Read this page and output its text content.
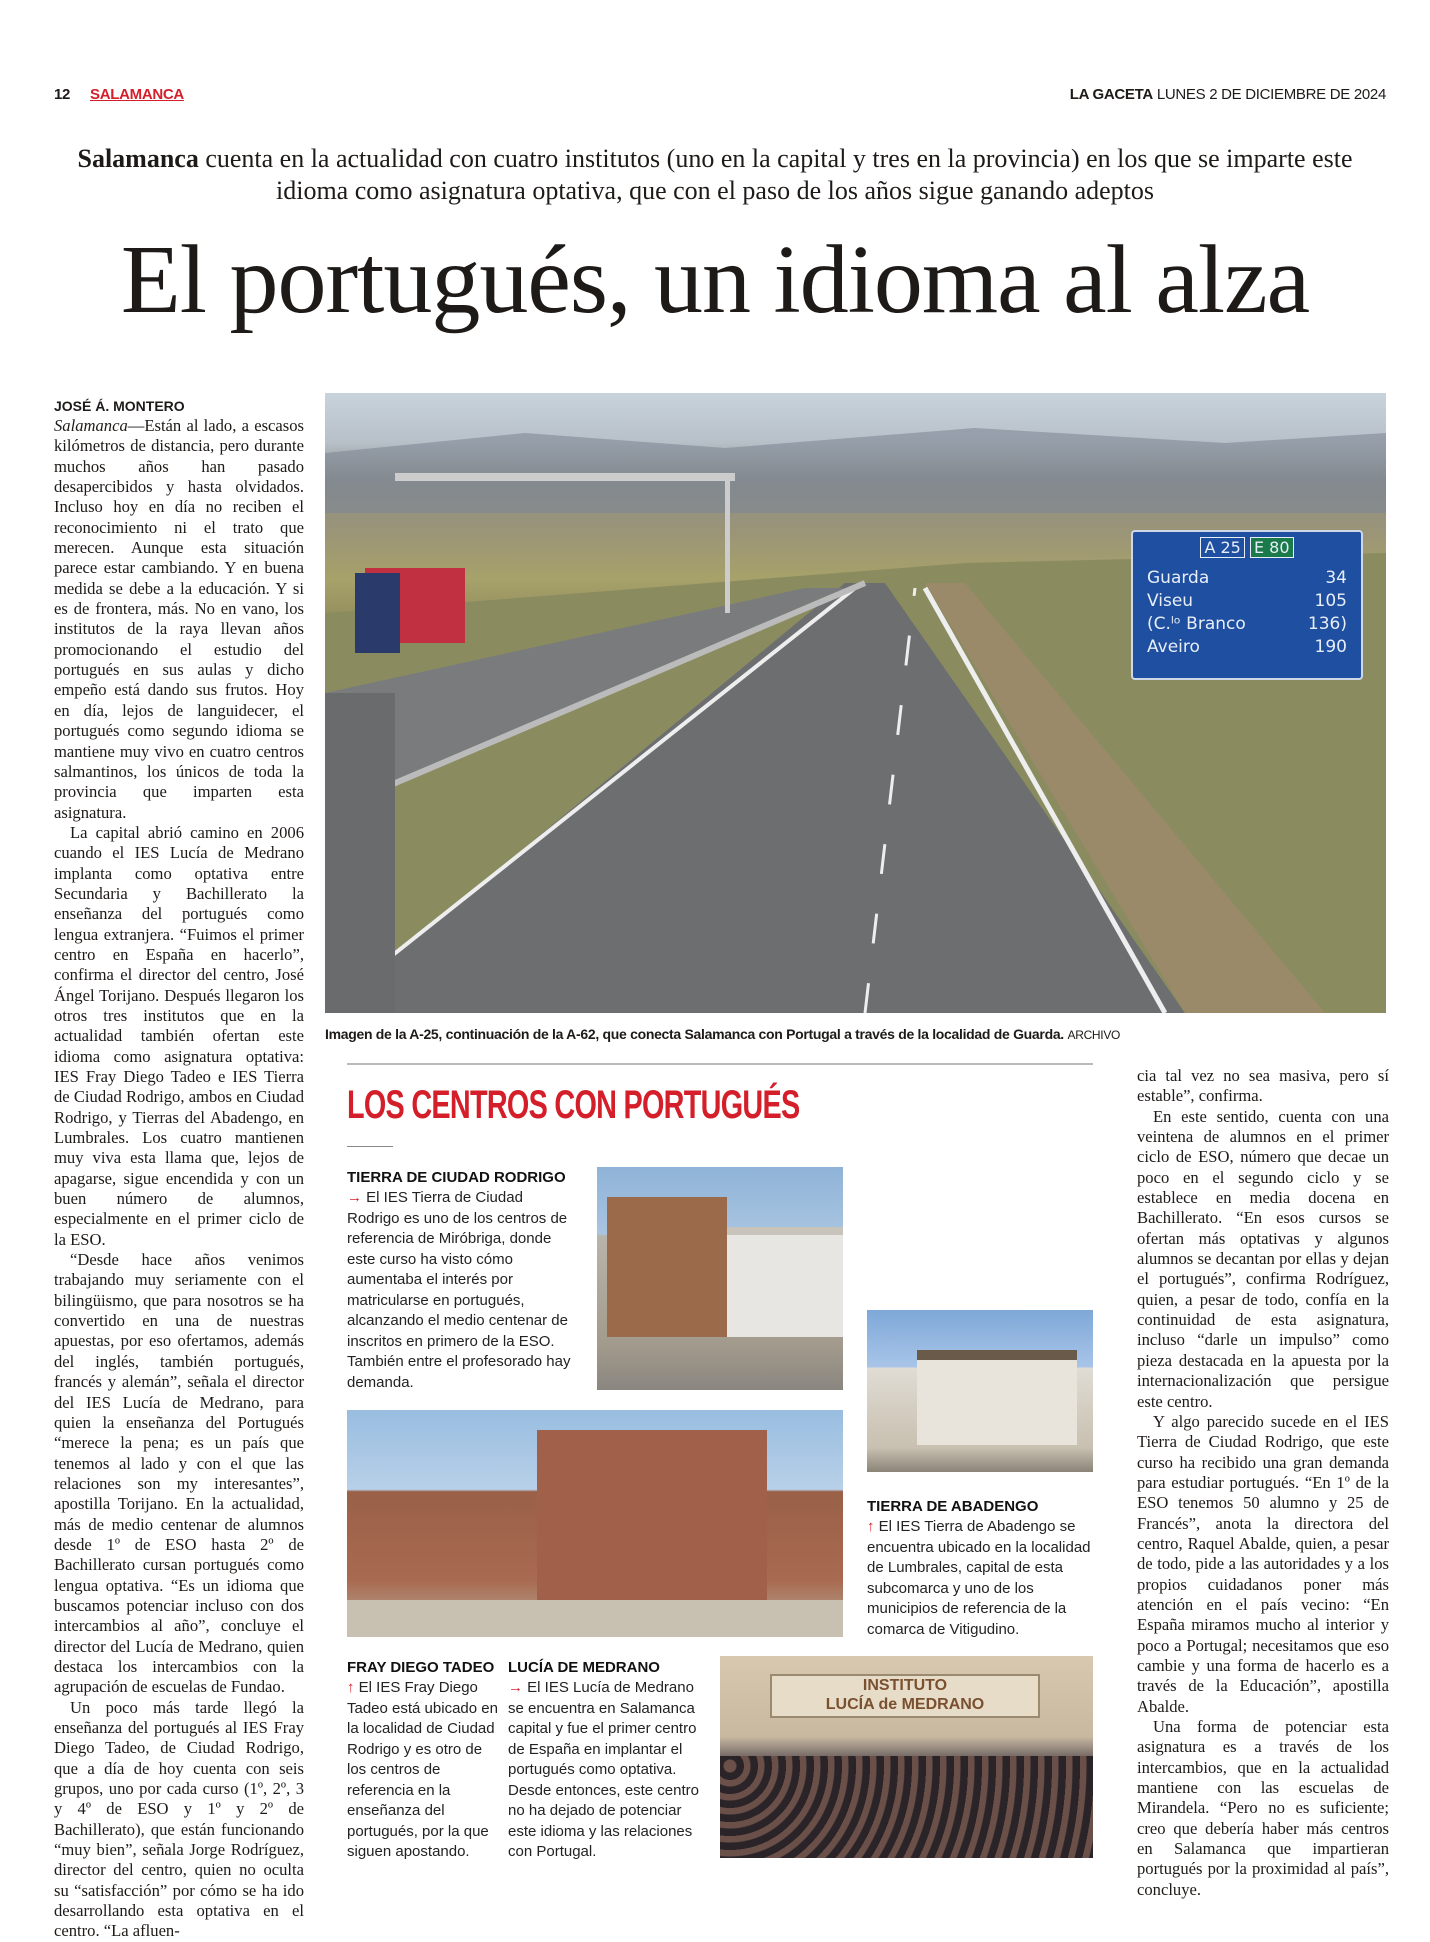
12 SALAMANCA	LA GACETA LUNES 2 DE DICIEMBRE DE 2024
Salamanca cuenta en la actualidad con cuatro institutos (uno en la capital y tres en la provincia) en los que se imparte este idioma como asignatura optativa, que con el paso de los años sigue ganando adeptos
El portugués, un idioma al alza
JOSÉ Á. MONTERO

Salamanca—Están al lado, a escasos kilómetros de distancia, pero durante muchos años han pasado desapercibidos y hasta olvidados. Incluso hoy en día no reciben el reconocimiento ni el trato que merecen. Aunque esta situación parece estar cambiando. Y en buena medida se debe a la educación. Y si es de frontera, más. No en vano, los institutos de la raya llevan años promocionando el estudio del portugués en sus aulas y dicho empeño está dando sus frutos. Hoy en día, lejos de languidecer, el portugués como segundo idioma se mantiene muy vivo en cuatro centros salmantinos, los únicos de toda la provincia que imparten esta asignatura.

La capital abrió camino en 2006 cuando el IES Lucía de Medrano implanta como optativa entre Secundaria y Bachillerato la enseñanza del portugués como lengua extranjera. “Fuimos el primer centro en España en hacerlo”, confirma el director del centro, José Ángel Torijano. Después llegaron los otros tres institutos que en la actualidad también ofertan este idioma como asignatura optativa: IES Fray Diego Tadeo e IES Tierra de Ciudad Rodrigo, ambos en Ciudad Rodrigo, y Tierras del Abadengo, en Lumbrales. Los cuatro mantienen muy viva esta llama que, lejos de apagarse, sigue encendida y con un buen número de alumnos, especialmente en el primer ciclo de la ESO.

“Desde hace años venimos trabajando muy seriamente con el bilingüismo, que para nosotros se ha convertido en una de nuestras apuestas, por eso ofertamos, además del inglés, también portugués, francés y alemán”, señala el director del IES Lucía de Medrano, para quien la enseñanza del Portugués “merece la pena; es un país que tenemos al lado y con el que las relaciones son my interesantes”, apostilla Torijano. En la actualidad, más de medio centenar de alumnos desde 1º de ESO hasta 2º de Bachillerato cursan portugués como lengua optativa. “Es un idioma que buscamos potenciar incluso con dos intercambios al año”, concluye el director del Lucía de Medrano, quien destaca los intercambios con la agrupación de escuelas de Fundao.

Un poco más tarde llegó la enseñanza del portugués al IES Fray Diego Tadeo, de Ciudad Rodrigo, que a día de hoy cuenta con seis grupos, uno por cada curso (1º, 2º, 3 y 4º de ESO y 1º y 2º de Bachillerato), que están funcionando “muy bien”, señala Jorge Rodríguez, director del centro, quien no oculta su “satisfacción” por cómo se ha ido desarrollando esta optativa en el centro. “La afluen-

A 25 E 80
Guarda	34
Viseu	105
(C.ˡᵒ Branco	136)
Aveiro	190
Imagen de la A-25, continuación de la A-62, que conecta Salamanca con Portugal a través de la localidad de Guarda. ARCHIVO
LOS CENTROS CON PORTUGUÉS
TIERRA DE CIUDAD RODRIGO
→ El IES Tierra de Ciudad Rodrigo es uno de los centros de referencia de Miróbriga, donde este curso ha visto cómo aumentaba el interés por matricularse en portugués, alcanzando el medio centenar de inscritos en primero de la ESO. También entre el profesorado hay demanda.
TIERRA DE ABADENGO
↑ El IES Tierra de Abadengo se encuentra ubicado en la localidad de Lumbrales, capital de esta subcomarca y uno de los municipios de referencia de la comarca de Vitigudino.
FRAY DIEGO TADEO
↑ El IES Fray Diego Tadeo está ubicado en la localidad de Ciudad Rodrigo y es otro de los centros de referencia en la enseñanza del portugués, por la que siguen apostando.
LUCÍA DE MEDRANO
→ El IES Lucía de Medrano se encuentra en Salamanca capital y fue el primer centro de España en implantar el portugués como optativa. Desde entonces, este centro no ha dejado de potenciar este idioma y las relaciones con Portugal.
INSTITUTO
LUCÍA de MEDRANO

cia tal vez no sea masiva, pero sí estable”, confirma.

En este sentido, cuenta con una veintena de alumnos en el primer ciclo de ESO, número que decae un poco en el segundo ciclo y se establece en media docena en Bachillerato. “En esos cursos se ofertan más optativas y algunos alumnos se decantan por ellas y dejan el portugués”, confirma Rodríguez, quien, a pesar de todo, confía en la continuidad de esta asignatura, incluso “darle un impulso” como pieza destacada en la apuesta por la internacionalización que persigue este centro.

Y algo parecido sucede en el IES Tierra de Ciudad Rodrigo, que este curso ha recibido una gran demanda para estudiar portugués. “En 1º de la ESO tenemos 50 alumno y 25 de Francés”, anota la directora del centro, Raquel Abalde, quien, a pesar de todo, pide a las autoridades y a los propios cuidadanos poner más atención en el país vecino: “En España miramos mucho al interior y poco a Portugal; necesitamos que eso cambie y una forma de hacerlo es a través de la Educación”, apostilla Abalde.

Una forma de potenciar esta asignatura es a través de los intercambios, que en la actualidad mantiene con las escuelas de Mirandela. “Pero no es suficiente; creo que debería haber más centros en Salamanca que impartieran portugués por la proximidad al país”, concluye.
